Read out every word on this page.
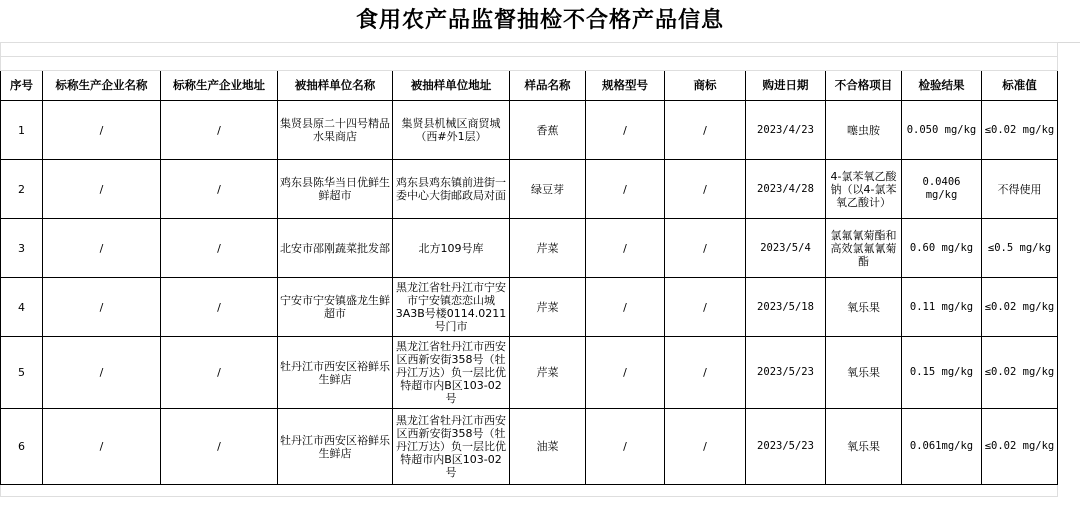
食用农产品监督抽检不合格产品信息

序号	标称生产企业名称	标称生产企业地址	被抽样单位名称	被抽样单位地址	样品名称	规格型号	商标	购进日期	不合格项目	检验结果	标准值
1	/	/	集贤县原二十四号精品水果商店	集贤县机械区商贸城（西#外1层）	香蕉	/	/	2023/4/23	噻虫胺	0.050 mg/kg	≤0.02 mg/kg
2	/	/	鸡东县陈华当日优鲜生鲜超市	鸡东县鸡东镇前进街一委中心大街邮政局对面	绿豆芽	/	/	2023/4/28	4-氯苯氧乙酸钠（以4-氯苯氧乙酸计）	0.0406 mg/kg	不得使用
3	/	/	北安市邵刚蔬菜批发部	北方109号库	芹菜	/	/	2023/5/4	氯氟氰菊酯和高效氯氟氰菊酯	0.60 mg/kg	≤0.5 mg/kg
4	/	/	宁安市宁安镇盛龙生鲜超市	黑龙江省牡丹江市宁安市宁安镇恋恋山城3A3B号楼0114.0211号门市	芹菜	/	/	2023/5/18	氧乐果	0.11 mg/kg	≤0.02 mg/kg
5	/	/	牡丹江市西安区裕鲜乐生鲜店	黑龙江省牡丹江市西安区西新安街358号（牡丹江万达）负一层比优特超市内B区103-02号	芹菜	/	/	2023/5/23	氧乐果	0.15 mg/kg	≤0.02 mg/kg
6	/	/	牡丹江市西安区裕鲜乐生鲜店	黑龙江省牡丹江市西安区西新安街358号（牡丹江万达）负一层比优特超市内B区103-02号	油菜	/	/	2023/5/23	氧乐果	0.061mg/kg	≤0.02 mg/kg
